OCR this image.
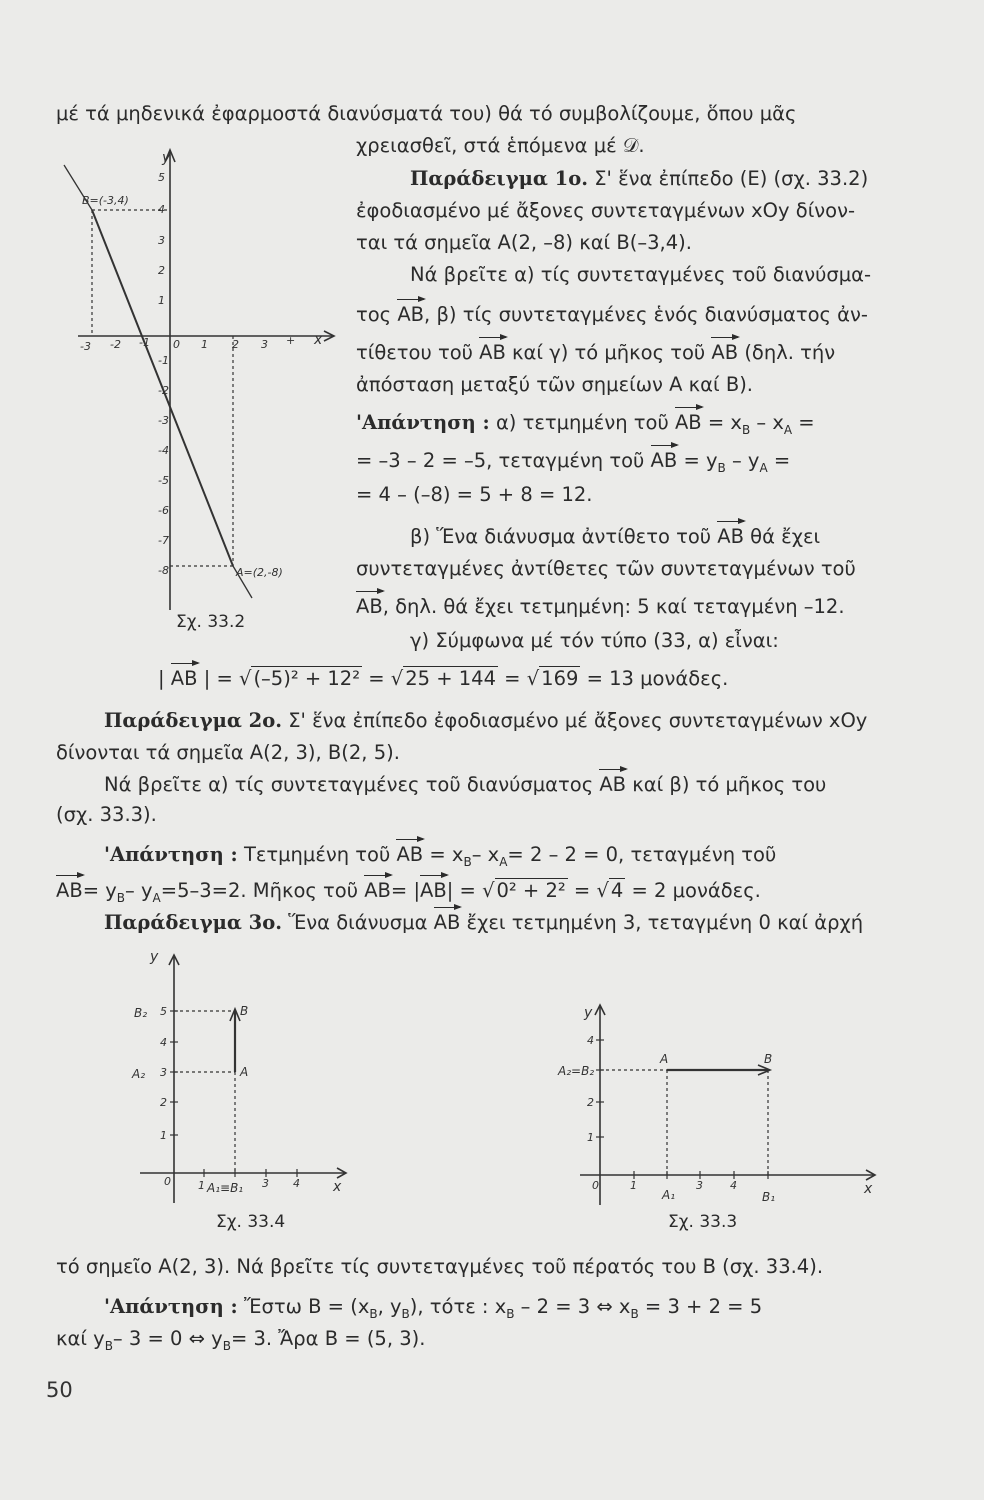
μέ τά μηδενικά ἐφαρμοστά διανύσματά του) θά τό συμβολίζουμε, ὅπου μᾶς
χρειασθεῖ, στά ἑπόμενα μέ 𝒟.
Παράδειγμα 1ο. Σ' ἕνα ἐπίπεδο (Ε) (σχ. 33.2)
ἐφοδιασμένο μέ ἄξονες συντεταγμένων xOy δίνον-
ται τά σημεῖα Α(2, –8) καί Β(–3,4).
Νά βρεῖτε α) τίς συντεταγμένες τοῦ διανύσμα-
τος ΑΒ, β) τίς συντεταγμένες ἑνός διανύσματος ἀν-
τίθετου τοῦ ΑΒ καί γ) τό μῆκος τοῦ ΑΒ (δηλ. τήν
ἀπόσταση μεταξύ τῶν σημείων Α καί Β).
'Απάντηση : α) τετμημένη τοῦ $AB = x_B - x_A$ =
= –3 – 2 = –5, τεταγμένη τοῦ $AB = y_B - y_A$ =
= 4 – (–8) = 5 + 8 = 12.
β) Ἕνα διάνυσμα ἀντίθετο τοῦ ΑΒ θά ἔχει
συντεταγμένες ἀντίθετες τῶν συντεταγμένων τοῦ
ΑΒ, δηλ. θά ἔχει τετμημένη: 5 καί τεταγμένη –12.
γ) Σύμφωνα μέ τόν τύπο (33, α) εἶναι:
| ΑΒ | = √ (–5)² + 12² = √ 25 + 144 = √ 169 = 13 μονάδες.
Παράδειγμα 2ο. Σ' ἕνα ἐπίπεδο ἐφοδιασμένο μέ ἄξονες συντεταγμένων xOy
δίνονται τά σημεῖα Α(2, 3), Β(2, 5).
Νά βρεῖτε α) τίς συντεταγμένες τοῦ διανύσματος ΑΒ καί β) τό μῆκος του
(σχ. 33.3).
'Απάντηση : Τετμημένη τοῦ $AB = x_B-$ $x_A= 2 - 2 = 0$, τεταγμένη τοῦ
$AB= y_B-$ $y_A=5-3=2$. Μῆκος τοῦ ΑΒ= |ΑΒ| = √ 0² + 2² = √ 4 = 2 μονάδες.
Παράδειγμα 3ο. Ἕνα διάνυσμα ΑΒ ἔχει τετμημένη 3, τεταγμένη 0 καί ἀρχή
y
x
B₂
A₂
B
A
A₁≡B₁
5
4
3
2
1
0 1	3 4
Σχ. 33.4
y
x
A₂=B₂
A	B
A₁	B₁
4
2
1
0	1	3 4
Σχ. 33.3
τό σημεῖο Α(2, 3). Νά βρεῖτε τίς συντεταγμένες τοῦ πέρατός του Β (σχ. 33.4).
'Απάντηση : Ἔστω $B = (x_B$, $y_B$), τότε : $x_B - 2 = 3$ ⇔ $x_B = 3 + 2 = 5$
καί $y_B-$ 3 = 0 ⇔ $y_B= 3$. Ἄρα Β = (5, 3).
y
x
B=(-3,4)
A=(2,-8)
-3 -2 -1 0 1 2 3 +
5
4
3
2
1
-1
-2
-3
-4
-5
-6
-7
-8
Σχ. 33.2
50
